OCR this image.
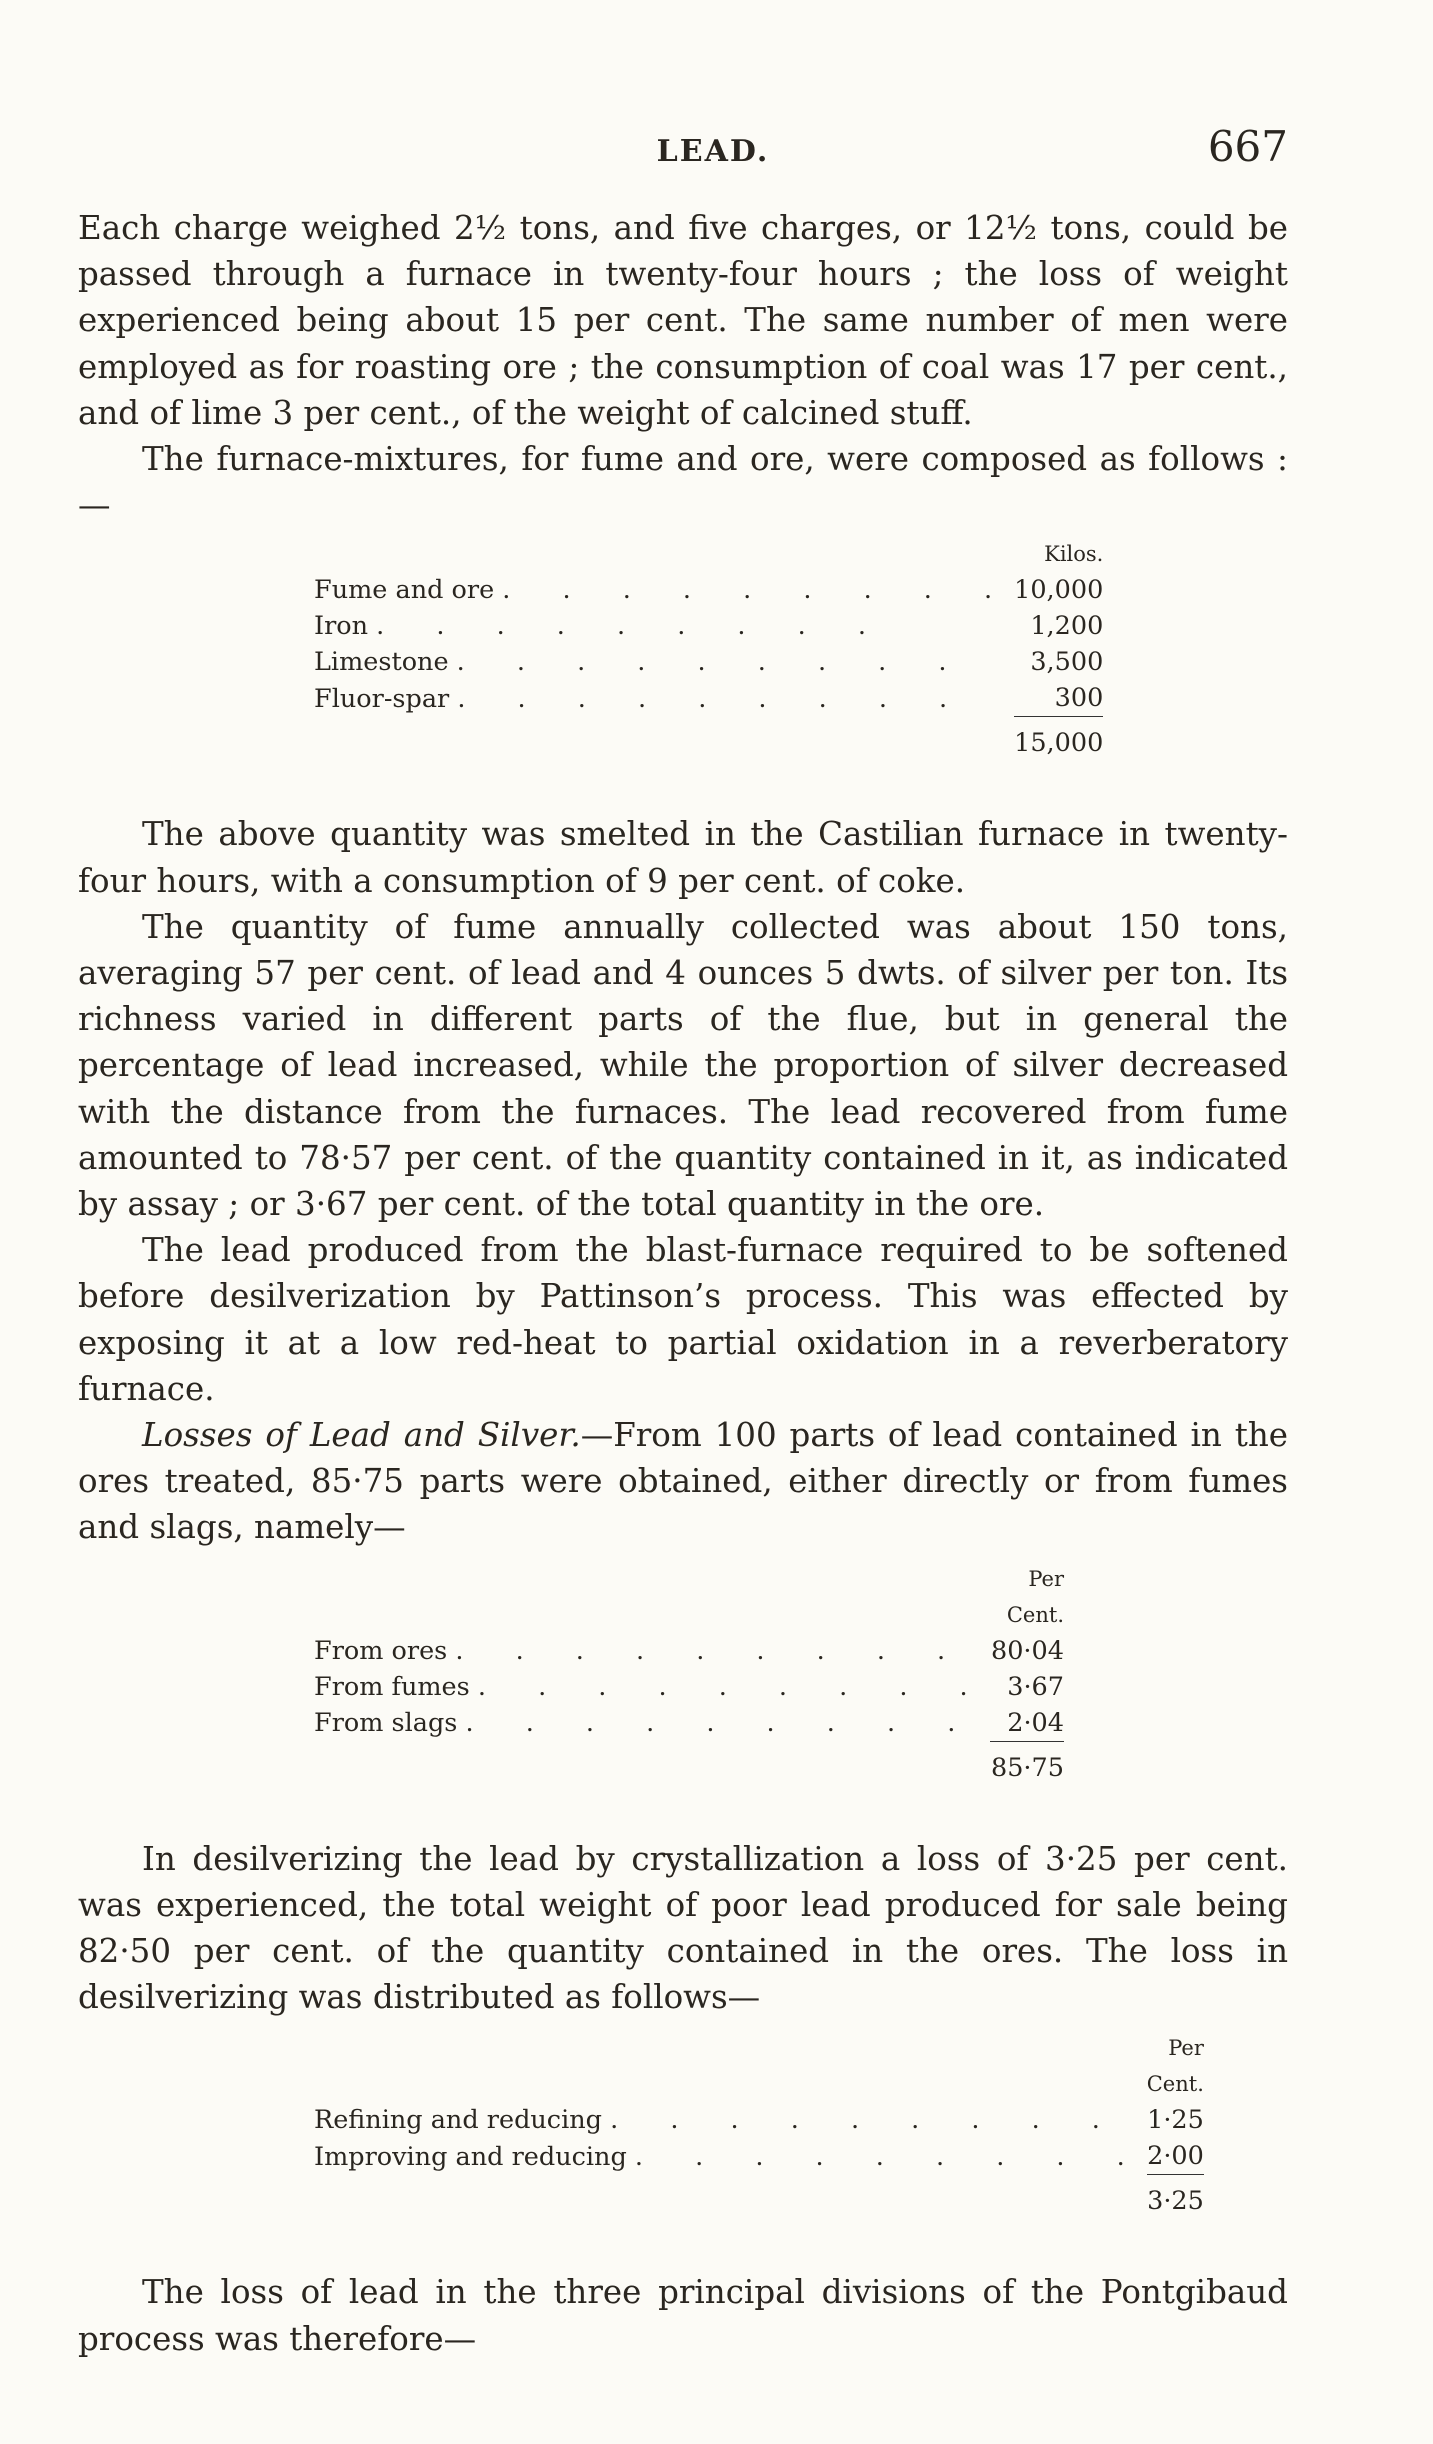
LEAD.	667

Each charge weighed 2½ tons, and five charges, or 12½ tons, could be passed through a furnace in twenty-four hours ; the loss of weight experienced being about 15 per cent. The same number of men were employed as for roasting ore ; the consumption of coal was 17 per cent., and of lime 3 per cent., of the weight of calcined stuff.

The furnace-mixtures, for fume and ore, were composed as follows :—

	Kilos.
Fume and ore . . . . . . . . .	10,000
Iron . . . . . . . . .	1,200
Limestone . . . . . . . . .	3,500
Fluor-spar . . . . . . . . .	300
	15,000

The above quantity was smelted in the Castilian furnace in twenty-four hours, with a consumption of 9 per cent. of coke.

The quantity of fume annually collected was about 150 tons, averaging 57 per cent. of lead and 4 ounces 5 dwts. of silver per ton. Its richness varied in different parts of the flue, but in general the percentage of lead increased, while the proportion of silver decreased with the distance from the furnaces. The lead recovered from fume amounted to 78·57 per cent. of the quantity contained in it, as indicated by assay ; or 3·67 per cent. of the total quantity in the ore.

The lead produced from the blast-furnace required to be softened before desilverization by Pattinson’s process. This was effected by exposing it at a low red-heat to partial oxidation in a reverberatory furnace.

Losses of Lead and Silver.—From 100 parts of lead contained in the ores treated, 85·75 parts were obtained, either directly or from fumes and slags, namely—

	Per Cent.
From ores . . . . . . . . .	80·04
From fumes . . . . . . . . .	3·67
From slags . . . . . . . . .	2·04
	85·75

In desilverizing the lead by crystallization a loss of 3·25 per cent. was experienced, the total weight of poor lead produced for sale being 82·50 per cent. of the quantity contained in the ores. The loss in desilverizing was distributed as follows—

	Per Cent.
Refining and reducing . . . . . . . . .	1·25
Improving and reducing . . . . . . . . .	2·00
	3·25

The loss of lead in the three principal divisions of the Pontgibaud process was therefore—
